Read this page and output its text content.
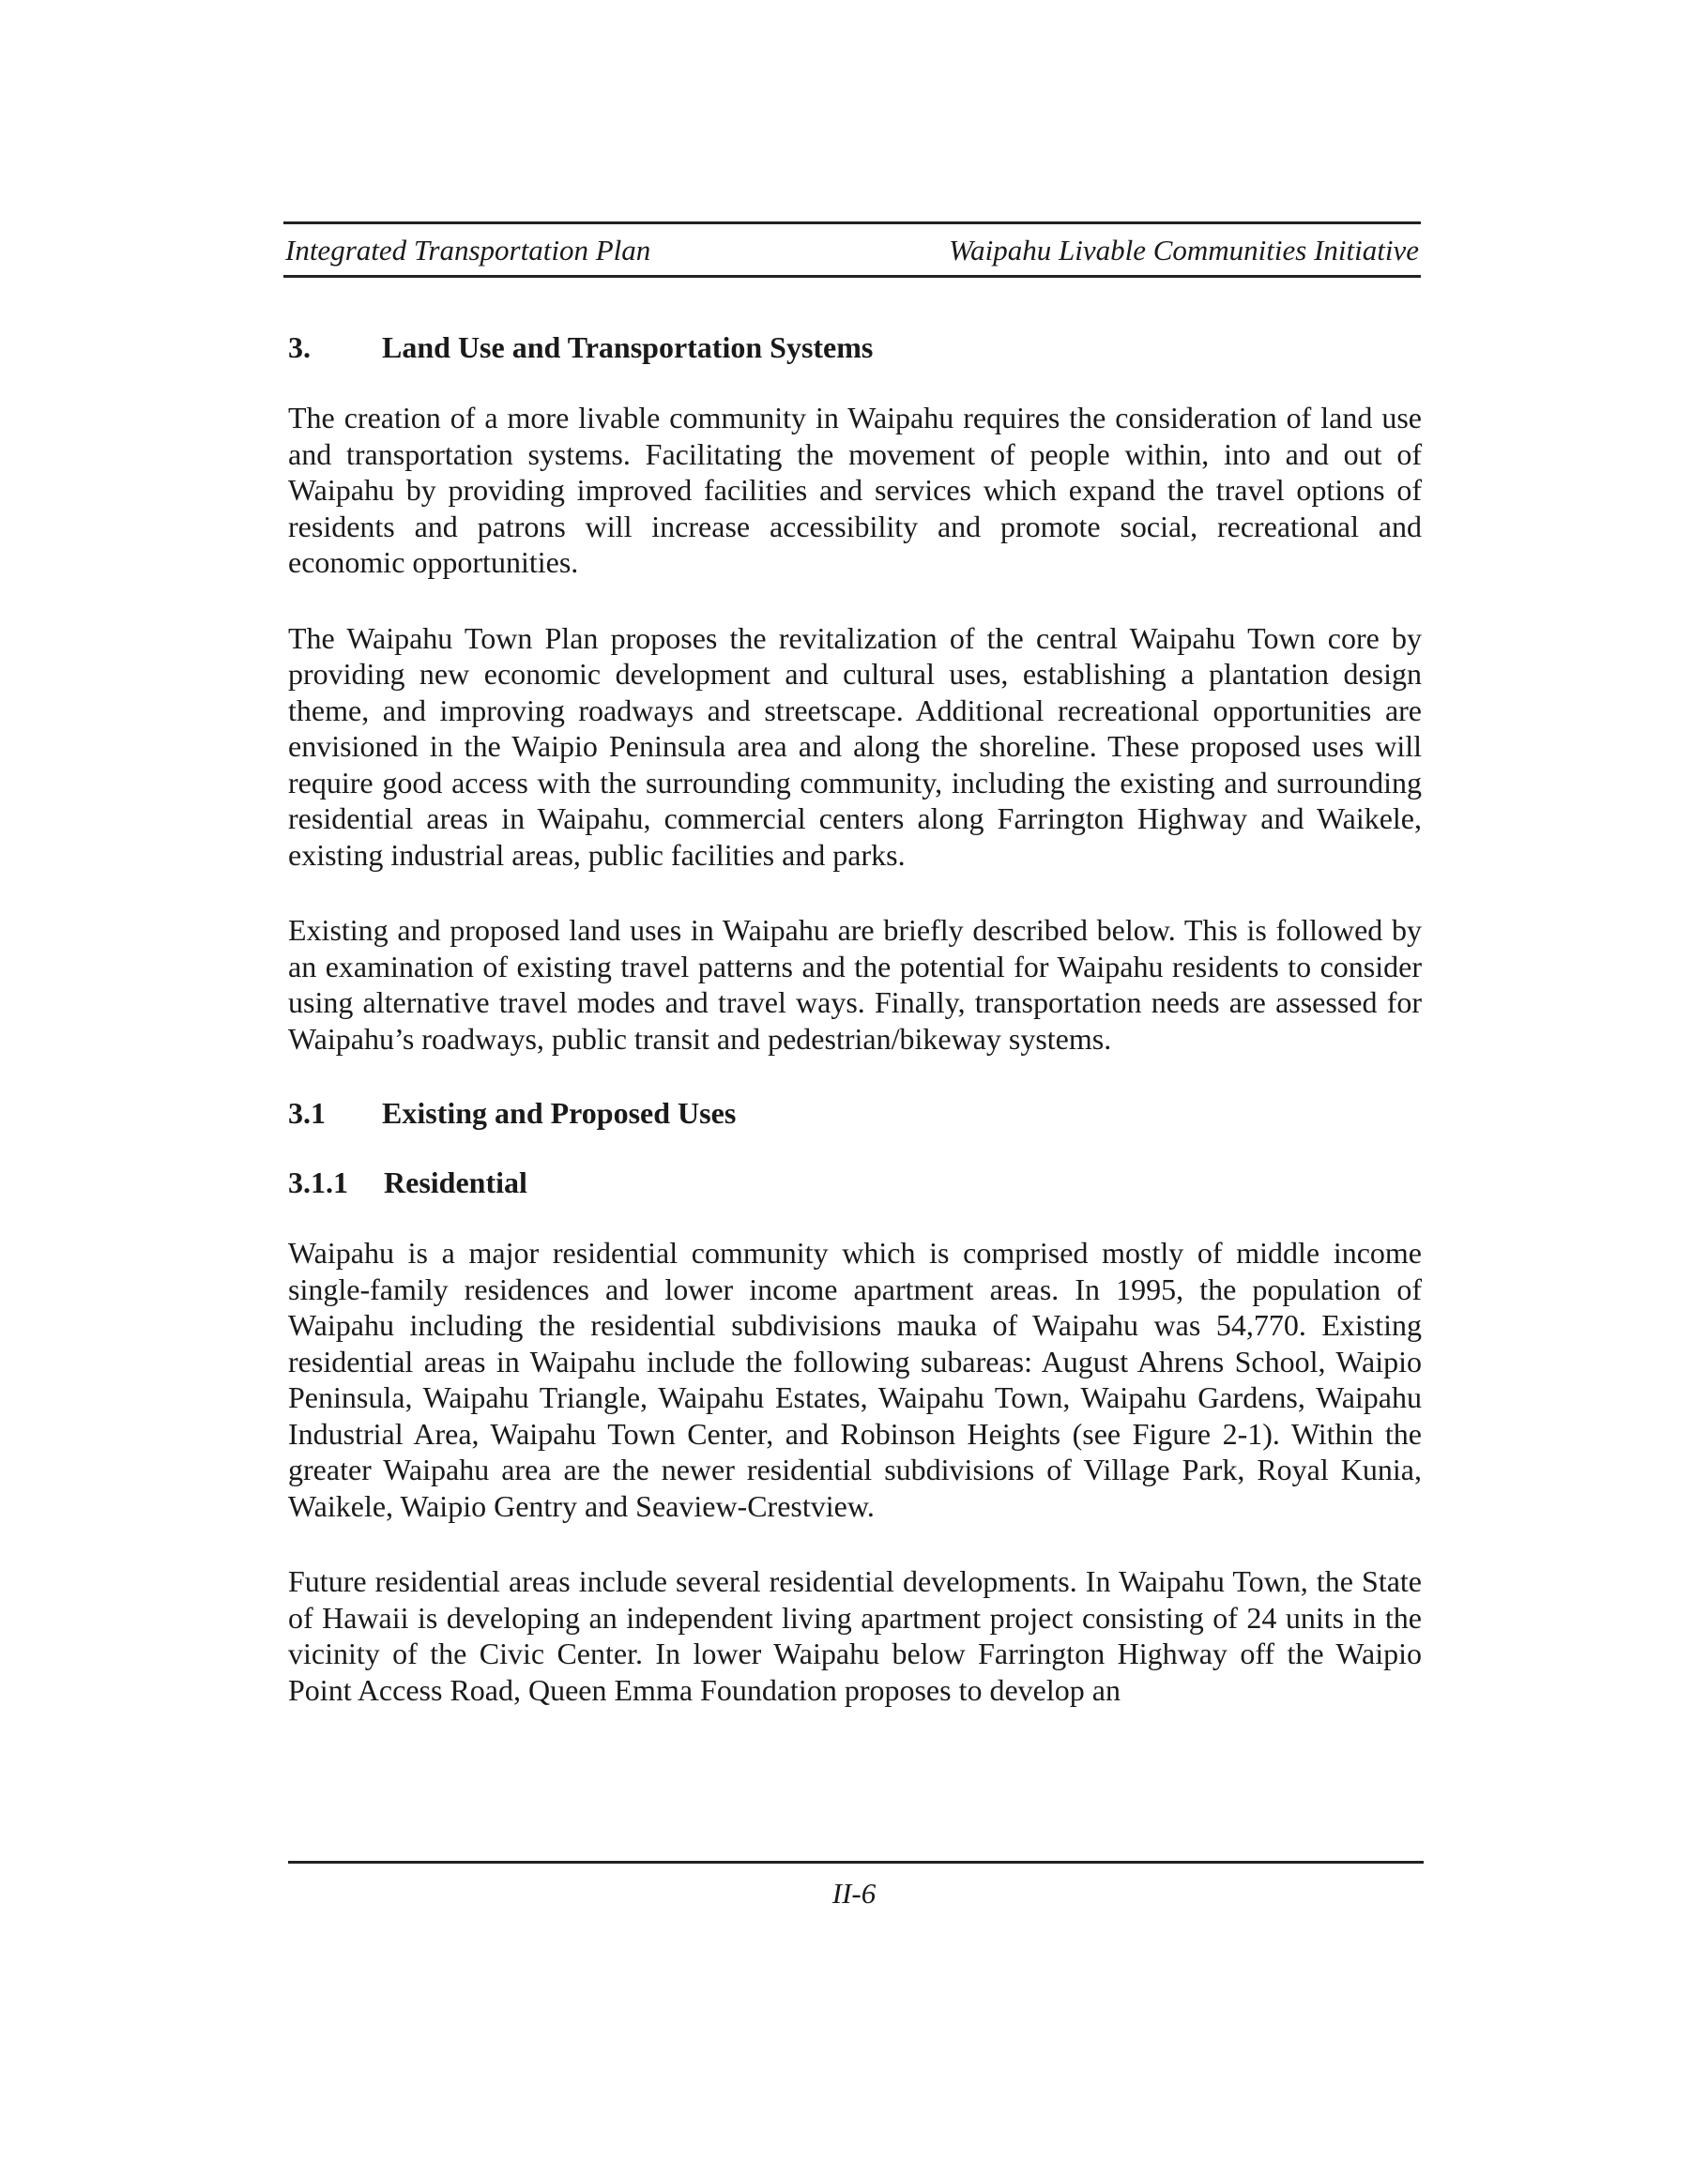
Integrated Transportation Plan	Waipahu Livable Communities Initiative
3.	Land Use and Transportation Systems

The creation of a more livable community in Waipahu requires the consideration of land use and transportation systems. Facilitating the movement of people within, into and out of Waipahu by providing improved facilities and services which expand the travel options of residents and patrons will increase accessibility and promote social, recreational and economic opportunities.

The Waipahu Town Plan proposes the revitalization of the central Waipahu Town core by providing new economic development and cultural uses, establishing a plantation design theme, and improving roadways and streetscape. Additional recreational opportunities are envisioned in the Waipio Peninsula area and along the shoreline. These proposed uses will require good access with the surrounding community, including the existing and surrounding residential areas in Waipahu, commercial centers along Farrington Highway and Waikele, existing industrial areas, public facilities and parks.

Existing and proposed land uses in Waipahu are briefly described below. This is followed by an examination of existing travel patterns and the potential for Waipahu residents to consider using alternative travel modes and travel ways. Finally, transportation needs are assessed for Waipahu’s roadways, public transit and pedestrian/bikeway systems.

3.1	Existing and Proposed Uses
3.1.1	Residential

Waipahu is a major residential community which is comprised mostly of middle income single-family residences and lower income apartment areas. In 1995, the population of Waipahu including the residential subdivisions mauka of Waipahu was 54,770. Existing residential areas in Waipahu include the following subareas: August Ahrens School, Waipio Peninsula, Waipahu Triangle, Waipahu Estates, Waipahu Town, Waipahu Gardens, Waipahu Industrial Area, Waipahu Town Center, and Robinson Heights (see Figure 2-1). Within the greater Waipahu area are the newer residential subdivisions of Village Park, Royal Kunia, Waikele, Waipio Gentry and Seaview-Crestview.

Future residential areas include several residential developments. In Waipahu Town, the State of Hawaii is developing an independent living apartment project consisting of 24 units in the vicinity of the Civic Center. In lower Waipahu below Farrington Highway off the Waipio Point Access Road, Queen Emma Foundation proposes to develop an

II-6
